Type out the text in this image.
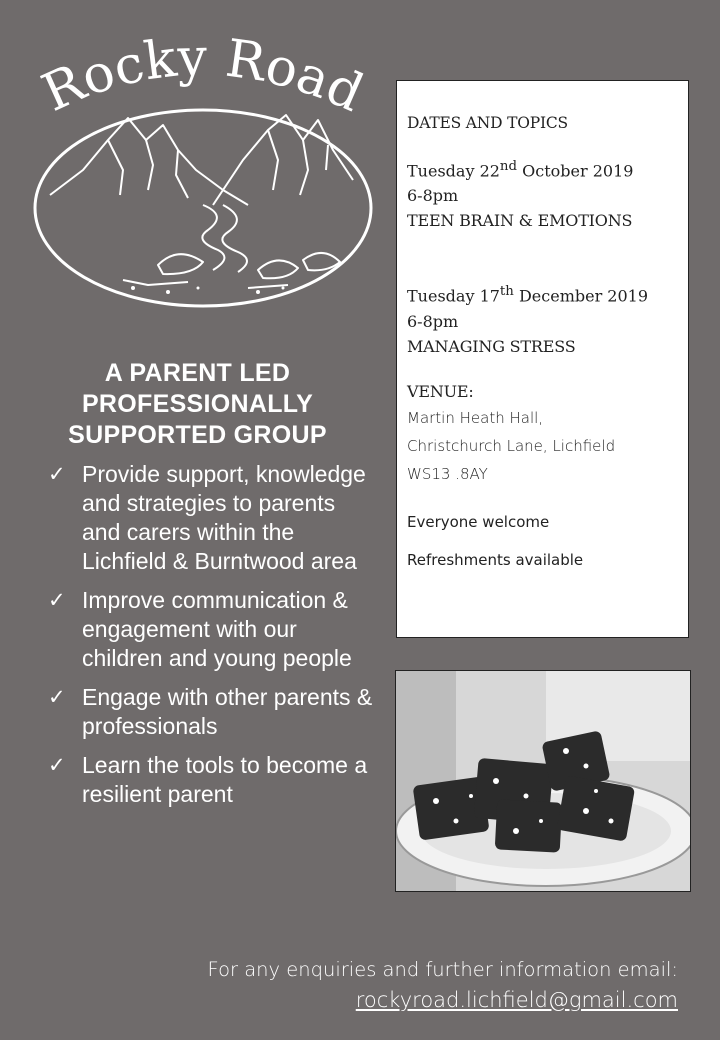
Rocky Road
A PARENT LED
PROFESSIONALLY
SUPPORTED GROUP
✓ Provide support, knowledge and strategies to parents and carers within the Lichfield & Burntwood area
✓ Improve communication & engagement with our children and young people
✓ Engage with other parents & professionals
✓ Learn the tools to become a resilient parent
DATES AND TOPICS
Tuesday 22nd October 2019
6-8pm
TEEN BRAIN & EMOTIONS
Tuesday 17th December 2019
6-8pm
MANAGING STRESS
VENUE:
Martin Heath Hall,
Christchurch Lane, Lichfield
WS13 .8AY
Everyone welcome
Refreshments available
For any enquiries and further information email:
rockyroad.lichfield@gmail.com
